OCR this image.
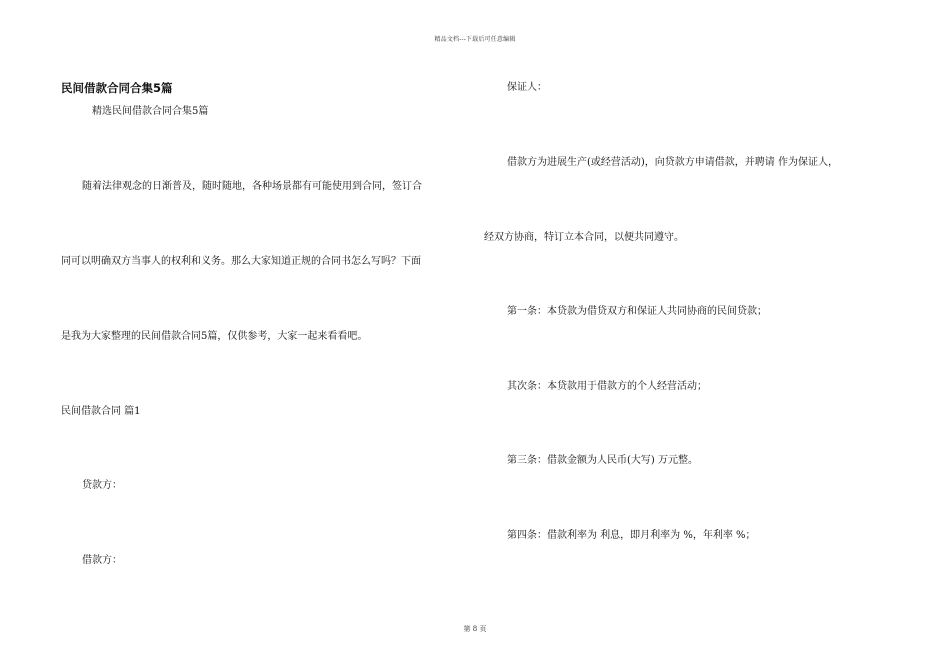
精品文档---下载后可任意编辑
民间借款合同合集5篇
精选民间借款合同合集5篇
随着法律观念的日渐普及，随时随地，各种场景都有可能使用到合同，签订合
同可以明确双方当事人的权利和义务。那么大家知道正规的合同书怎么写吗？下面
是我为大家整理的民间借款合同5篇，仅供参考，大家一起来看看吧。
民间借款合同 篇1
贷款方：
借款方：
保证人：
借款方为进展生产(或经营活动)，向贷款方申请借款，并聘请 作为保证人，
经双方协商，特订立本合同，以便共同遵守。
第一条：本贷款为借贷双方和保证人共同协商的民间贷款；
其次条：本贷款用于借款方的个人经营活动；
第三条：借款金额为人民币(大写) 万元整。
第四条：借款利率为 利息，即月利率为 %，年利率 %；
第 8 页
